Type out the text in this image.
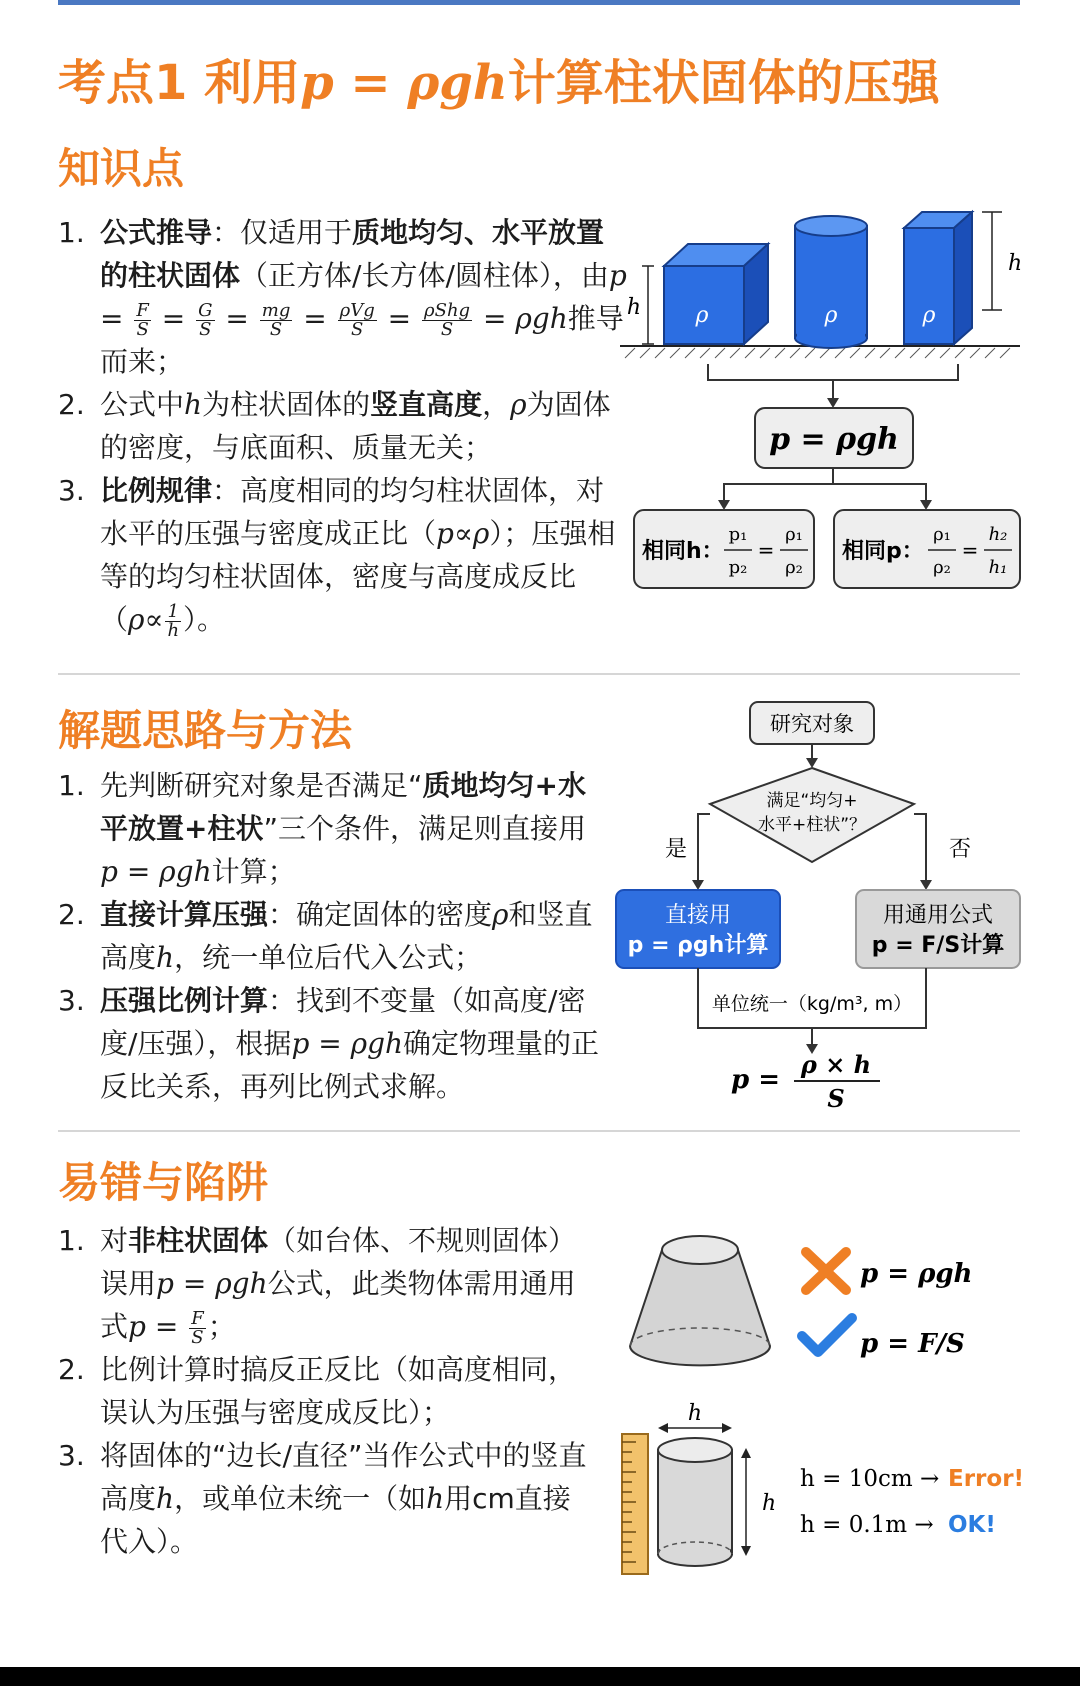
考点1 利用p = ρgh计算柱状固体的压强
知识点
1. 公式推导：仅适用于质地均匀、水平放置的柱状固体（正方体/长方体/圆柱体），由$p = \frac{F}{S} = \frac{G}{S} = \frac{mg}{S} = \frac{\text{ρVg}}{S} = \frac{\text{ρShg}}{S} = \rho gh$推导而来；
2. 公式中h为柱状固体的竖直高度，ρ为固体的密度，与底面积、质量无关；
3. 比例规律：高度相同的均匀柱状固体，对水平的压强与密度成正比（p∝ρ）；压强相等的均匀柱状固体，密度与高度成反比（$\rho\propto \frac{1}{h}$ ）。
ρ
h	ρ	ρ
h
p = ρgh
相同h：
p₁
p₂
=
ρ₁
ρ₂
相同p：
ρ₁
ρ₂
=
h₂
h₁
解题思路与方法
1. 先判断研究对象是否满足“质地均匀+水平放置+柱状”三个条件，满足则直接用p = ρgh计算；
2. 直接计算压强：确定固体的密度ρ和竖直高度h，统一单位后代入公式；
3. 压强比例计算：找到不变量（如高度/密度/压强），根据p = ρgh确定物理量的正反比关系，再列比例式求解。
研究对象
满足“均匀+
水平+柱状”？
是	否
直接用
p = ρgh计算
用通用公式
p = F/S计算
单位统一（kg/m³, m）
p =
ρ × h
S
易错与陷阱
1. 对非柱状固体（如台体、不规则固体）误用p = ρgh公式，此类物体需用通用式$p = \frac{F}{S}$ ；
2. 比例计算时搞反正反比（如高度相同，误认为压强与密度成反比）；
3. 将固体的“边长/直径”当作公式中的竖直高度h，或单位未统一（如h用cm直接代入）。
p = ρgh
p = F/S
h
h
h = 10cm → Error!
h = 0.1m → OK!
